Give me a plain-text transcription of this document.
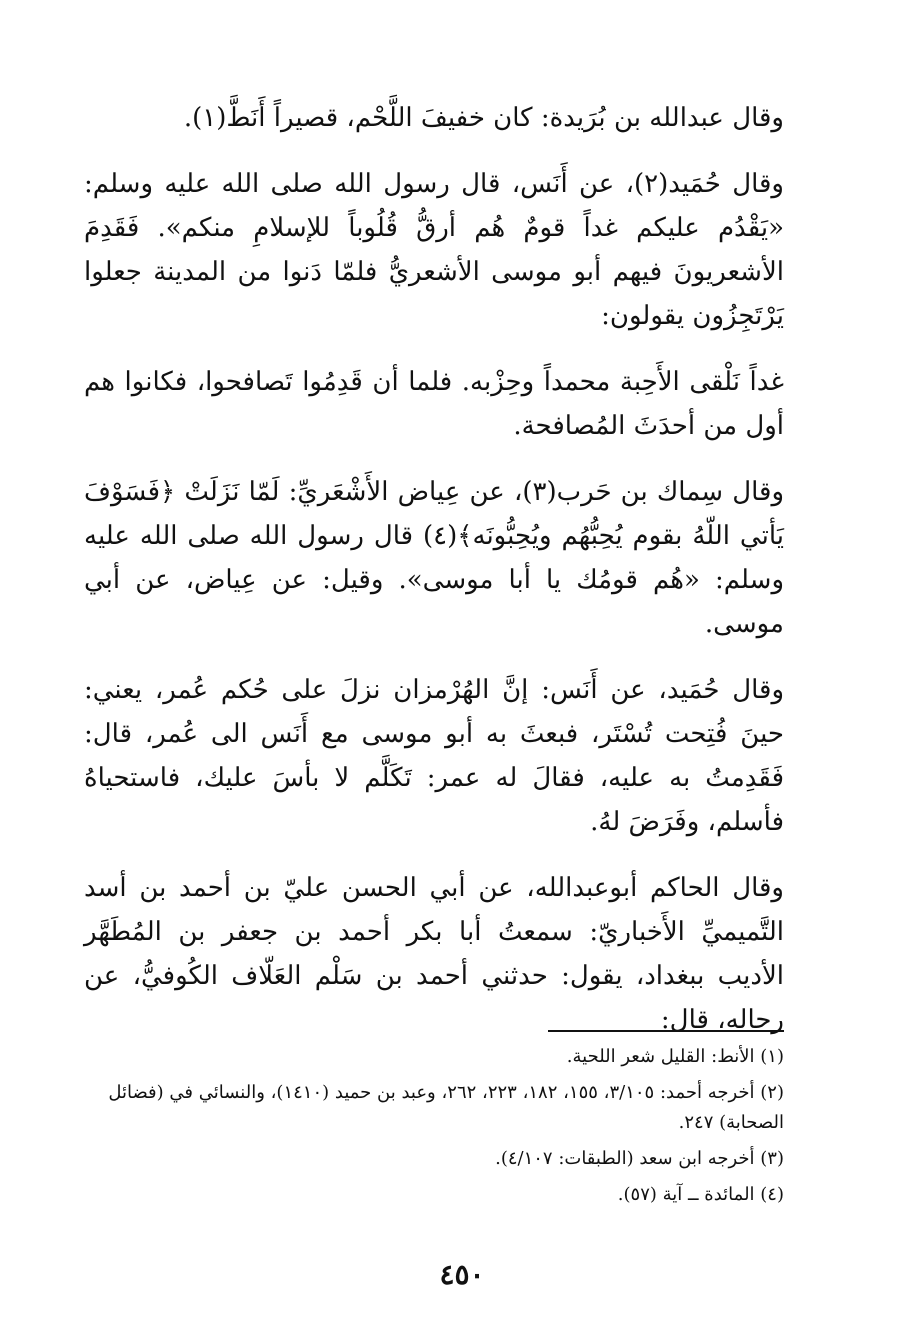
وقال عبدالله بن بُرَيدة: كان خفيفَ اللَّحْم، قصيراً أَنَطَّ(١).

وقال حُمَيد(٢)، عن أَنَس، قال رسول الله صلى الله عليه وسلم: «يَقْدُم عليكم غداً قومٌ هُم أرقُّ قُلُوباً للإسلامِ منكم». فَقَدِمَ الأشعريونَ فيهم أبو موسى الأشعريُّ فلمّا دَنوا من المدينة جعلوا يَرْتَجِزُون يقولون:

غداً نَلْقى الأَحِبة محمداً وحِزْبه. فلما أن قَدِمُوا تَصافحوا، فكانوا هم أول من أحدَثَ المُصافحة.

وقال سِماك بن حَرب(٣)، عن عِياض الأَشْعَريِّ: لَمّا نَزَلَتْ ﴿فَسَوْفَ يَأتي اللّهُ بقوم يُحِبُّهُم ويُحِبُّونَه﴾(٤) قال رسول الله صلى الله عليه وسلم: «هُم قومُك يا أبا موسى». وقيل: عن عِياض، عن أبي موسى.

وقال حُمَيد، عن أَنَس: إنَّ الهُرْمزان نزلَ على حُكم عُمر، يعني: حينَ فُتِحت تُسْتَر، فبعثَ به أبو موسى مع أَنَس الى عُمر، قال: فَقَدِمتُ به عليه، فقالَ له عمر: تَكَلَّم لا بأسَ عليك، فاستحياهُ فأسلم، وفَرَضَ لهُ.

وقال الحاكم أبوعبدالله، عن أبي الحسن عليّ بن أحمد بن أسد التَّميميِّ الأَخباريّ: سمعتُ أبا بكر أحمد بن جعفر بن المُطَهَّر الأديب ببغداد، يقول: حدثني أحمد بن سَلْم العَلّاف الكُوفيُّ، عن رجاله، قال:

(١) الأنط: القليل شعر اللحية.

(٢) أخرجه أحمد: ٣/١٠٥، ١٥٥، ١٨٢، ٢٢٣، ٢٦٢، وعبد بن حميد (١٤١٠)، والنسائي في (فضائل الصحابة) ٢٤٧.

(٣) أخرجه ابن سعد (الطبقات: ٤/١٠٧).

(٤) المائدة ــ آية (٥٧).

٤٥٠
